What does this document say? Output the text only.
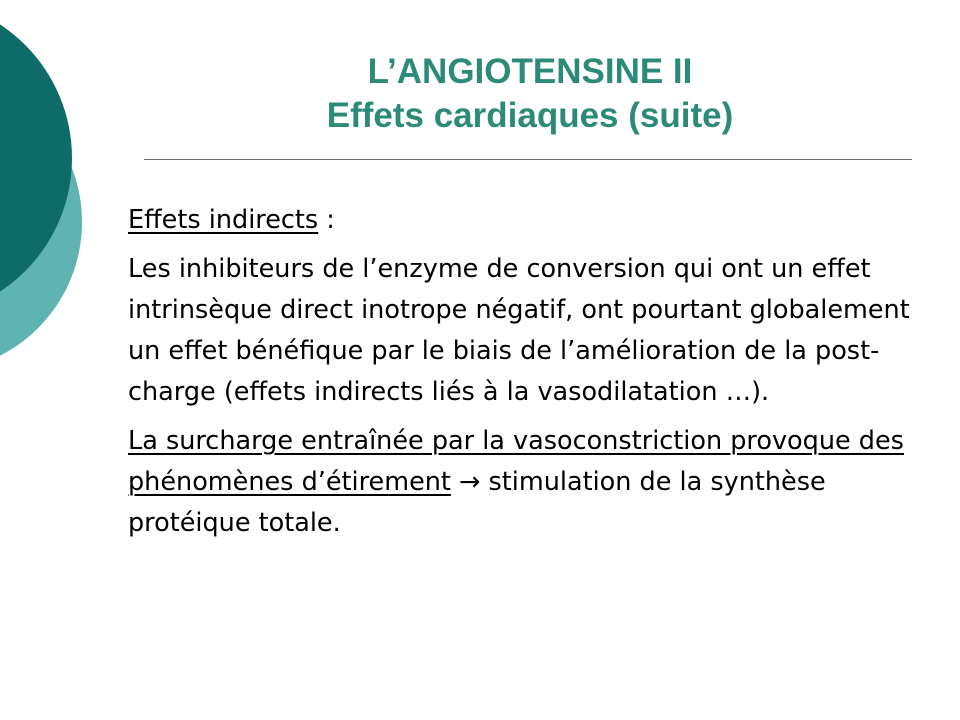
L’ANGIOTENSINE II
Effets cardiaques (suite)

Effets indirects :

Les inhibiteurs de l’enzyme de conversion qui ont un effet intrinsèque direct inotrope négatif, ont pourtant globalement un effet bénéfique par le biais de l’amélioration de la post-charge (effets indirects liés à la vasodilatation …).

La surcharge entraînée par la vasoconstriction provoque des phénomènes d’étirement → stimulation de la synthèse protéique totale.
